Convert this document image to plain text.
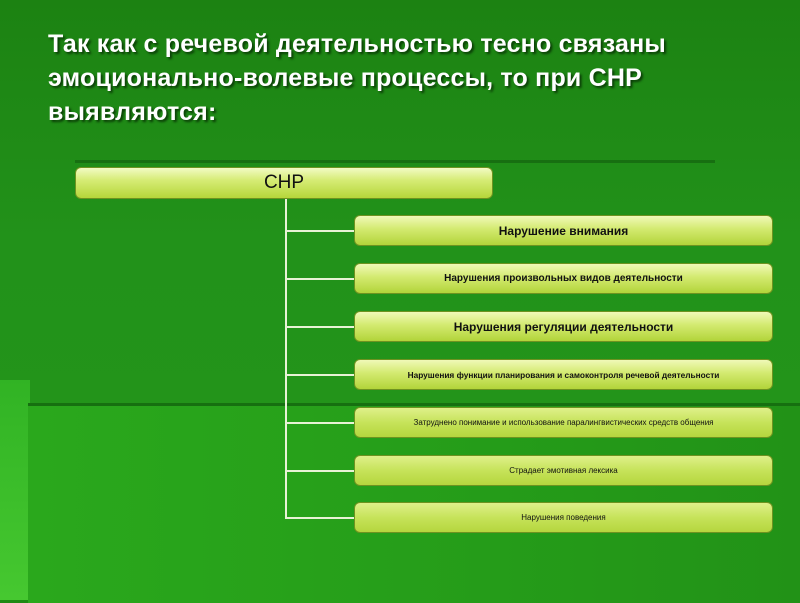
Так как с речевой деятельностью тесно связаны эмоционально-волевые процессы, то при СНР выявляются:
СНР
Нарушение внимания
Нарушения произвольных видов деятельности
Нарушения регуляции деятельности
Нарушения функции планирования и самоконтроля речевой деятельности
Затруднено понимание и использование паралингвистических средств общения
Страдает эмотивная лексика
Нарушения поведения
